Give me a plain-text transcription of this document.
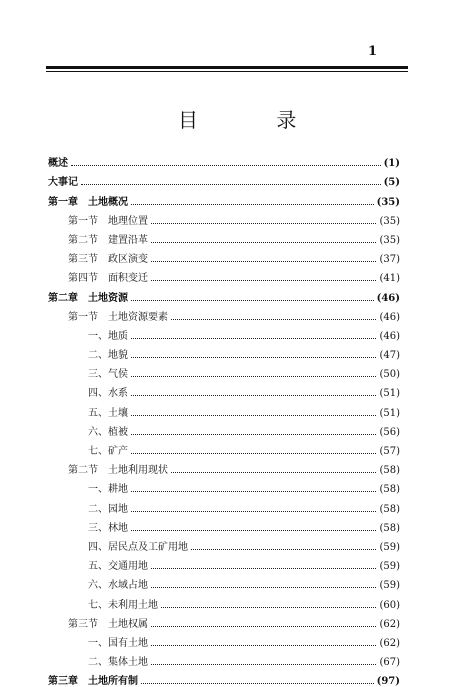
1
目 录
概述	(1)
大事记	(5)
第一章　土地概况	(35)
第一节　地理位置	(35)
第二节　建置沿革	(35)
第三节　政区演变	(37)
第四节　面积变迁	(41)
第二章　土地资源	(46)
第一节　土地资源要素	(46)
一、地质	(46)
二、地貌	(47)
三、气侯	(50)
四、水系	(51)
五、土壤	(51)
六、植被	(56)
七、矿产	(57)
第二节　土地利用现状	(58)
一、耕地	(58)
二、园地	(58)
三、林地	(58)
四、居民点及工矿用地	(59)
五、交通用地	(59)
六、水域占地	(59)
七、未利用土地	(60)
第三节　土地权属	(62)
一、国有土地	(62)
二、集体土地	(67)
第三章　土地所有制	(97)
